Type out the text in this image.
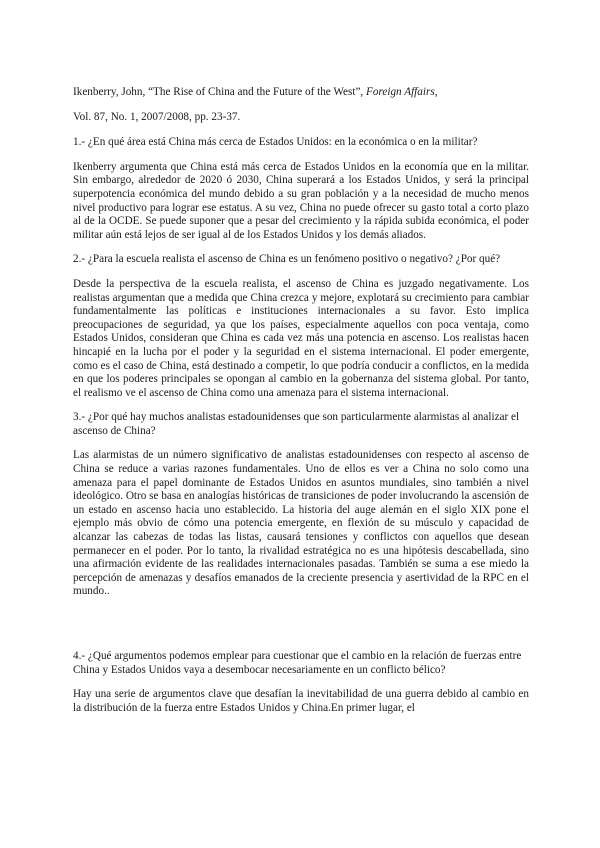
Ikenberry, John, “The Rise of China and the Future of the West”, Foreign Affairs,

Vol. 87, No. 1, 2007/2008, pp. 23-37.

1.- ¿En qué área está China más cerca de Estados Unidos: en la económica o en la militar?

Ikenberry argumenta que China está más cerca de Estados Unidos en la economía que en la militar. Sin embargo, alrededor de 2020 ó 2030, China superará a los Estados Unidos, y será la principal superpotencia económica del mundo debido a su gran población y a la necesidad de mucho menos nivel productivo para lograr ese estatus. A su vez, China no puede ofrecer su gasto total a corto plazo al de la OCDE. Se puede suponer que a pesar del crecimiento y la rápida subida económica, el poder militar aún está lejos de ser igual al de los Estados Unidos y los demás aliados.

2.- ¿Para la escuela realista el ascenso de China es un fenómeno positivo o negativo? ¿Por qué?

Desde la perspectiva de la escuela realista, el ascenso de China es juzgado negativamente. Los realistas argumentan que a medida que China crezca y mejore, explotará su crecimiento para cambiar fundamentalmente las políticas e instituciones internacionales a su favor. Esto implica preocupaciones de seguridad, ya que los países, especialmente aquellos con poca ventaja, como Estados Unidos, consideran que China es cada vez más una potencia en ascenso. Los realistas hacen hincapié en la lucha por el poder y la seguridad en el sistema internacional. El poder emergente, como es el caso de China, está destinado a competir, lo que podría conducir a conflictos, en la medida en que los poderes principales se opongan al cambio en la gobernanza del sistema global. Por tanto, el realismo ve el ascenso de China como una amenaza para el sistema internacional.

3.- ¿Por qué hay muchos analistas estadounidenses que son particularmente alarmistas al analizar el ascenso de China?

Las alarmistas de un número significativo de analistas estadounidenses con respecto al ascenso de China se reduce a varias razones fundamentales. Uno de ellos es ver a China no solo como una amenaza para el papel dominante de Estados Unidos en asuntos mundiales, sino también a nivel ideológico. Otro se basa en analogías históricas de transiciones de poder involucrando la ascensión de un estado en ascenso hacia uno establecido. La historia del auge alemán en el siglo XIX pone el ejemplo más obvio de cómo una potencia emergente, en flexión de su músculo y capacidad de alcanzar las cabezas de todas las listas, causará tensiones y conflictos con aquellos que desean permanecer en el poder. Por lo tanto, la rivalidad estratégica no es una hipótesis descabellada, sino una afirmación evidente de las realidades internacionales pasadas. También se suma a ese miedo la percepción de amenazas y desafíos emanados de la creciente presencia y asertividad de la RPC en el mundo..

4.- ¿Qué argumentos podemos emplear para cuestionar que el cambio en la relación de fuerzas entre China y Estados Unidos vaya a desembocar necesariamente en un conflicto bélico?

Hay una serie de argumentos clave que desafían la inevitabilidad de una guerra debido al cambio en la distribución de la fuerza entre Estados Unidos y China.En primer lugar, el
